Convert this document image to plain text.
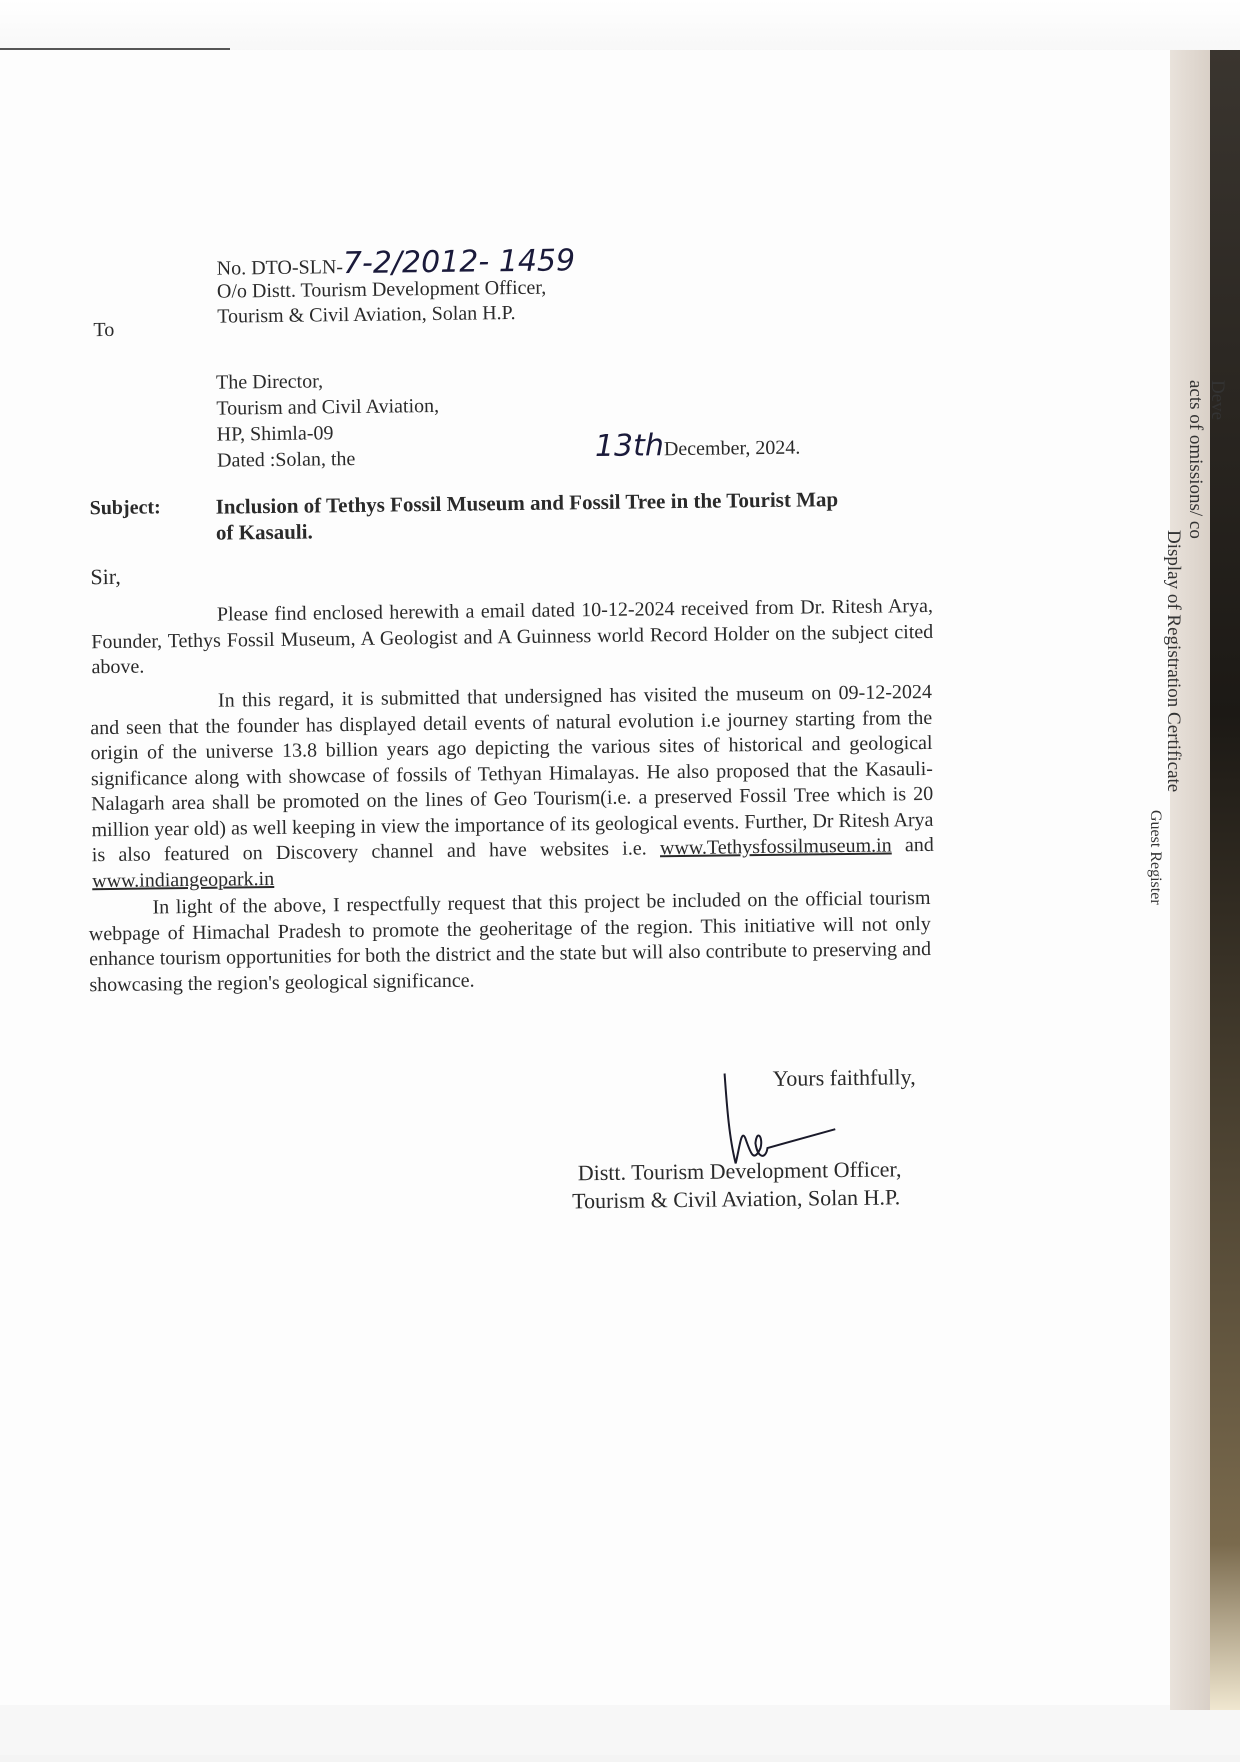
Deve
acts of omissions/ co
Display of Registration Certificate
Guest Register
No. DTO-SLN-7-2/2012- 1459
O/o Distt. Tourism Development Officer,
Tourism & Civil Aviation, Solan H.P.
To
The Director,
Tourism and Civil Aviation,
HP, Shimla-09
Dated :Solan, the	13thDecember, 2024.
Subject:	Inclusion of Tethys Fossil Museum and Fossil Tree in the Tourist Map
of Kasauli.
Sir,
Please find enclosed herewith a email dated 10-12-2024 received from Dr. Ritesh Arya, Founder, Tethys Fossil Museum, A Geologist and A Guinness world Record Holder on the subject cited above.
In this regard, it is submitted that undersigned has visited the museum on 09-12-2024 and seen that the founder has displayed detail events of natural evolution i.e journey starting from the origin of the universe 13.8 billion years ago depicting the various sites of historical and geological significance along with showcase of fossils of Tethyan Himalayas. He also proposed that the Kasauli-Nalagarh area shall be promoted on the lines of Geo Tourism(i.e. a preserved Fossil Tree which is 20 million year old) as well keeping in view the importance of its geological events. Further, Dr Ritesh Arya is also featured on Discovery channel and have websites i.e. www.Tethysfossilmuseum.in and www.indiangeopark.in
In light of the above, I respectfully request that this project be included on the official tourism webpage of Himachal Pradesh to promote the geoheritage of the region. This initiative will not only enhance tourism opportunities for both the district and the state but will also contribute to preserving and showcasing the region's geological significance.
Yours faithfully,
Distt. Tourism Development Officer,
Tourism & Civil Aviation, Solan H.P.
